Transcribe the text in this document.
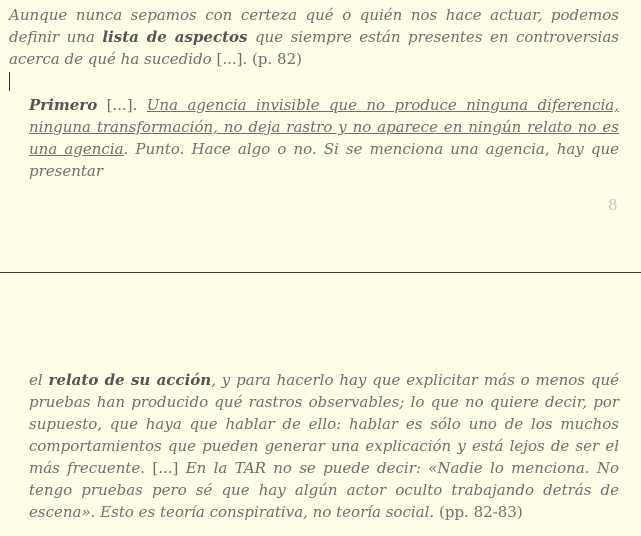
Aunque nunca sepamos con certeza qué o quién nos hace actuar, podemos definir una lista de aspectos que siempre están presentes en controversias acerca de qué ha sucedido [...]. (p. 82)

Primero [...]. Una agencia invisible que no produce ninguna diferencia, ninguna transformación, no deja rastro y no aparece en ningún relato no es una agencia. Punto. Hace algo o no. Si se menciona una agencia, hay que presentar

8

el relato de su acción, y para hacerlo hay que explicitar más o menos qué pruebas han producido qué rastros observables; lo que no quiere decir, por supuesto, que haya que hablar de ello: hablar es sólo uno de los muchos comportamientos que pueden generar una explicación y está lejos de ser el más frecuente. [...] En la TAR no se puede decir: «Nadie lo menciona. No tengo pruebas pero sé que hay algún actor oculto trabajando detrás de escena». Esto es teoría conspirativa, no teoría social. (pp. 82-83)
